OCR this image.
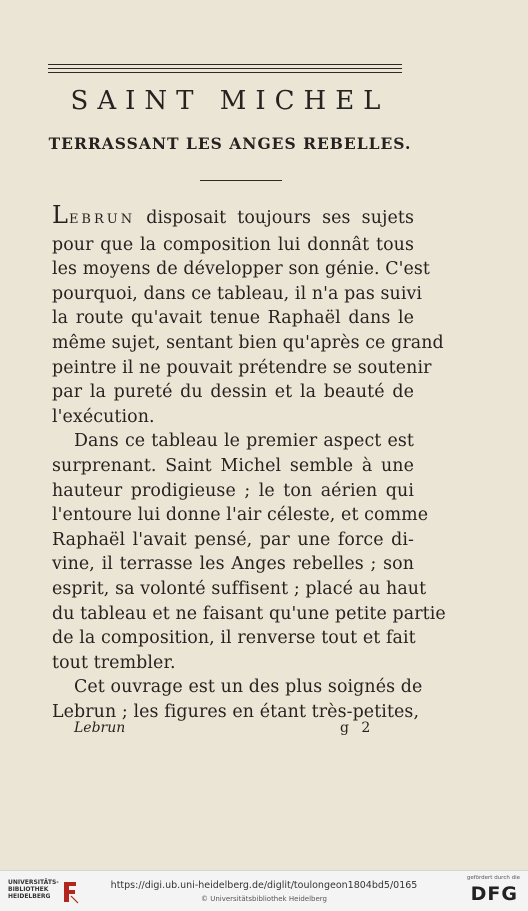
SAINT MICHEL
TERRASSANT LES ANGES REBELLES.

LEBRUN disposait toujours ses sujets
pour que la composition lui donnât tous
les moyens de développer son génie. C'est
pourquoi, dans ce tableau, il n'a pas suivi
la route qu'avait tenue Raphaël dans le
même sujet, sentant bien qu'après ce grand
peintre il ne pouvait prétendre se soutenir
par la pureté du dessin et la beauté de
l'exécution.

Dans ce tableau le premier aspect est
surprenant. Saint Michel semble à une
hauteur prodigieuse ; le ton aérien qui
l'entoure lui donne l'air céleste, et comme
Raphaël l'avait pensé, par une force di-
vine, il terrasse les Anges rebelles ; son
esprit, sa volonté suffisent ; placé au haut
du tableau et ne faisant qu'une petite partie
de la composition, il renverse tout et fait
tout trembler.

Cet ouvrage est un des plus soignés de
Lebrun ; les figures en étant très-petites,

Lebrun	g 2
UNIVERSITÄTS-
BIBLIOTHEK
HEIDELBERG
https://digi.ub.uni-heidelberg.de/diglit/toulongeon1804bd5/0165
© Universitätsbibliothek Heidelberg
gefördert durch die
DFG
